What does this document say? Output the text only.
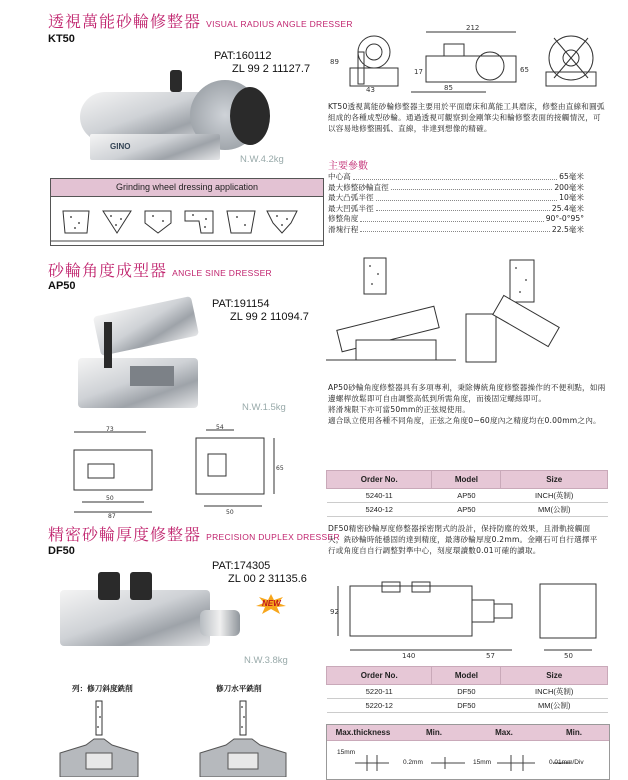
透視萬能砂輪修整器 VISUAL RADIUS ANGLE DRESSER
KT50
GINO
PAT:160112
ZL 99 2 11127.7
N.W.4.2kg
Grinding wheel dressing application
212
89
43	85
17	65
KT50透視萬能砂輪修整器主要用於平面磨床和萬能工具磨床，修整由直線和圓弧組成的各種成型砂輪。通過透視可觀察到金剛筆尖和輪修整表面的接觸情況，可以容易地修整圓弧、直線，非達到想像的精確。
主要參數
中心高	65毫米
最大修整砂輪直徑	200毫米
最大凸弧半徑	10毫米
最大凹弧半徑	25.4毫米
修整角度	90°-0°95°
滑塊行程	22.5毫米
砂輪角度成型器 ANGLE SINE DRESSER
AP50
PAT:191154
ZL 99 2 11094.7
N.W.1.5kg
73	54
65
50
87
50
AP50砂輪角度修整器具有多項專利，秉除傳統角度修整器操作的不便利點，如兩邊螺桿放鬆即可自由調整高低到所需角度，而後固定螺絲即可。
將滑塊限下亦可當50mm的正弦規使用。
適合臥立使用各種不同角度，正弦之角度0~60度內之精度均在0.00mm之內。
Order No.	Model	Size
5240-11	AP50	INCH(英制)
5240-12	AP50	MM(公制)
精密砂輪厚度修整器 PRECISION DUPLEX DRESSER
DF50
PAT:174305
ZL 00 2 31135.6
NEW
N.W.3.8kg
DF50精密砂輪厚度修整器採密閉式的設計，保持防塵的效果，且滑軌接觸面大，銑砂輪時能穩固的達到精度，最薄砂輪厚度0.2mm。金剛石可自行選擇平行或角度自自行調整對準中心，刻度環讀數0.01可確的讀取。
92
140	57	50
Order No.	Model	Size
5220-11	DF50	INCH(英制)
5220-12	DF50	MM(公制)
列：修刀斜度銑削	修刀水平銑削
Max.thickness	Min.	Max.	Min.
15mm
0.2mm	15mm	0.01mm/Div
